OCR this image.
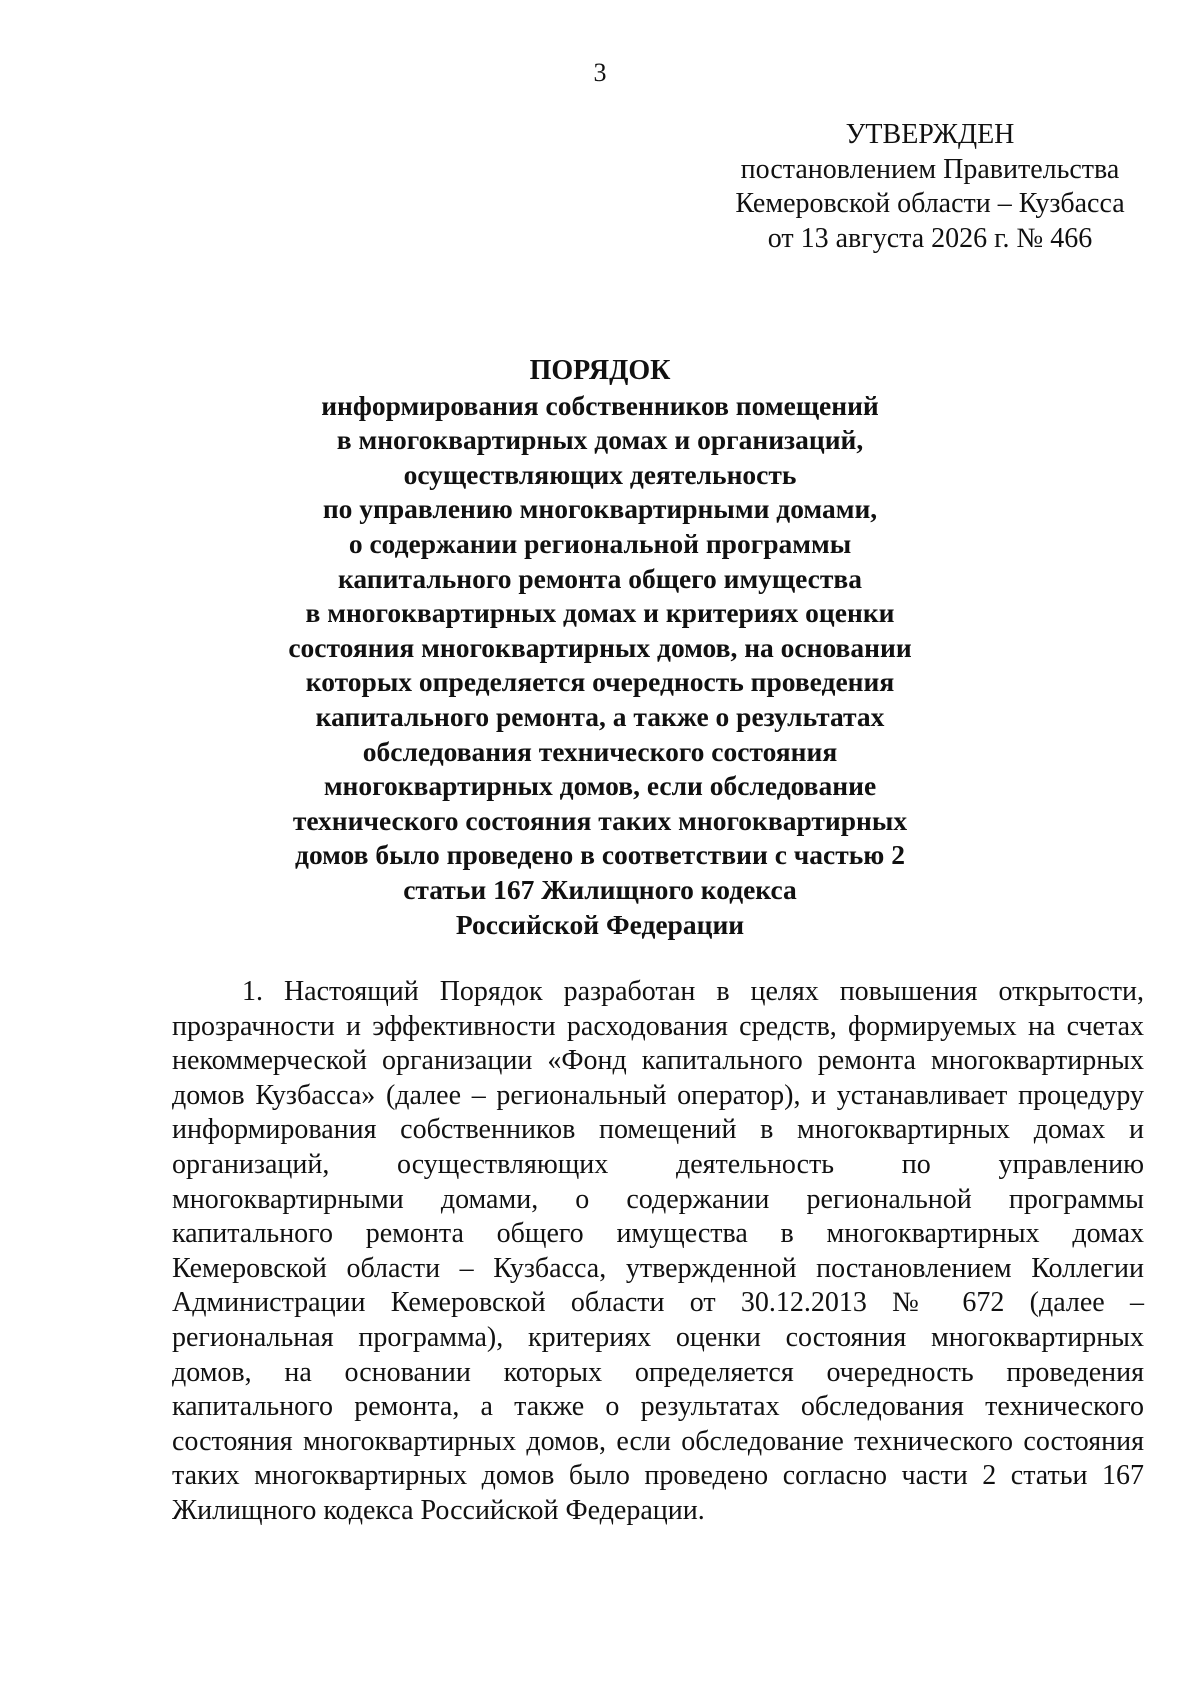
3
УТВЕРЖДЕН
постановлением Правительства
Кемеровской области – Кузбасса
от 13 августа 2026 г. № 466
ПОРЯДОК
информирования собственников помещений
в многоквартирных домах и организаций,
осуществляющих деятельность
по управлению многоквартирными домами,
о содержании региональной программы
капитального ремонта общего имущества
в многоквартирных домах и критериях оценки
состояния многоквартирных домов, на основании
которых определяется очередность проведения
капитального ремонта, а также о результатах
обследования технического состояния
многоквартирных домов, если обследование
технического состояния таких многоквартирных
домов было проведено в соответствии с частью 2
статьи 167 Жилищного кодекса
Российской Федерации
1. Настоящий Порядок разработан в целях повышения открытости,
прозрачности и эффективности расходования средств, формируемых на счетах
некоммерческой организации «Фонд капитального ремонта многоквартирных
домов Кузбасса» (далее – региональный оператор), и устанавливает процедуру
информирования собственников помещений в многоквартирных домах и
организаций, осуществляющих деятельность по управлению
многоквартирными домами, о содержании региональной программы
капитального ремонта общего имущества в многоквартирных домах
Кемеровской области – Кузбасса, утвержденной постановлением Коллегии
Администрации Кемеровской области от 30.12.2013 № 672 (далее –
региональная программа), критериях оценки состояния многоквартирных
домов, на основании которых определяется очередность проведения
капитального ремонта, а также о результатах обследования технического
состояния многоквартирных домов, если обследование технического состояния
таких многоквартирных домов было проведено согласно части 2 статьи 167
Жилищного кодекса Российской Федерации.
